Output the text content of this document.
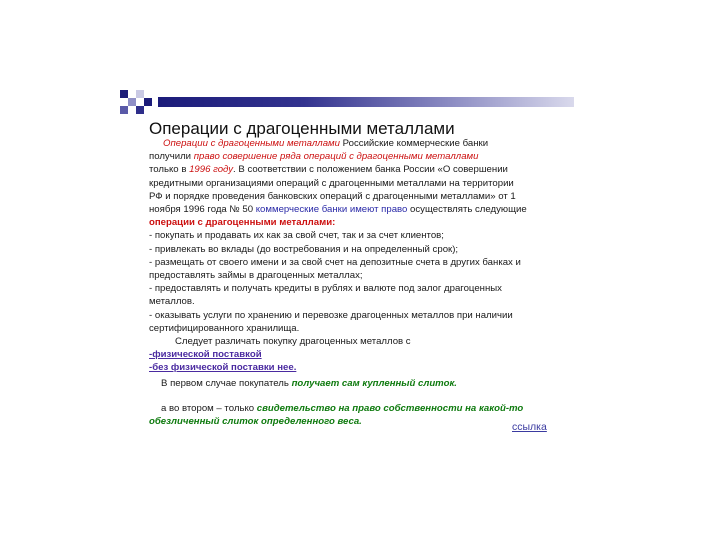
Операции с драгоценными металлами
Операции с драгоценными металлами Российские коммерческие банки
получили право совершение ряда операций с драгоценными металлами
только в 1996 году. В соответствии с положением банка России «О совершении
кредитными организациями операций с драгоценными металлами на территории
РФ и порядке проведения банковских операций с драгоценными металлами» от 1
ноября 1996 года № 50 коммерческие банки имеют право осуществлять следующие
операции с драгоценными металлами:
- покупать и продавать их как за свой счет, так и за счет клиентов;
- привлекать во вклады (до востребования и на определенный срок);
- размещать от своего имени и за свой счет на депозитные счета в других банках и
предоставлять займы в драгоценных металлах;
- предоставлять и получать кредиты в рублях и валюте под залог драгоценных
металлов.
- оказывать услуги по хранению и перевозке драгоценных металлов при наличии
сертифицированного хранилища.
Следует различать покупку драгоценных металлов с
-физической поставкой
-без физической поставки нее.
В первом случае покупатель получает сам купленный слиток.
а во втором – только свидетельство на право собственности на какой-то
обезличенный слиток определенного веса.	ссылка
